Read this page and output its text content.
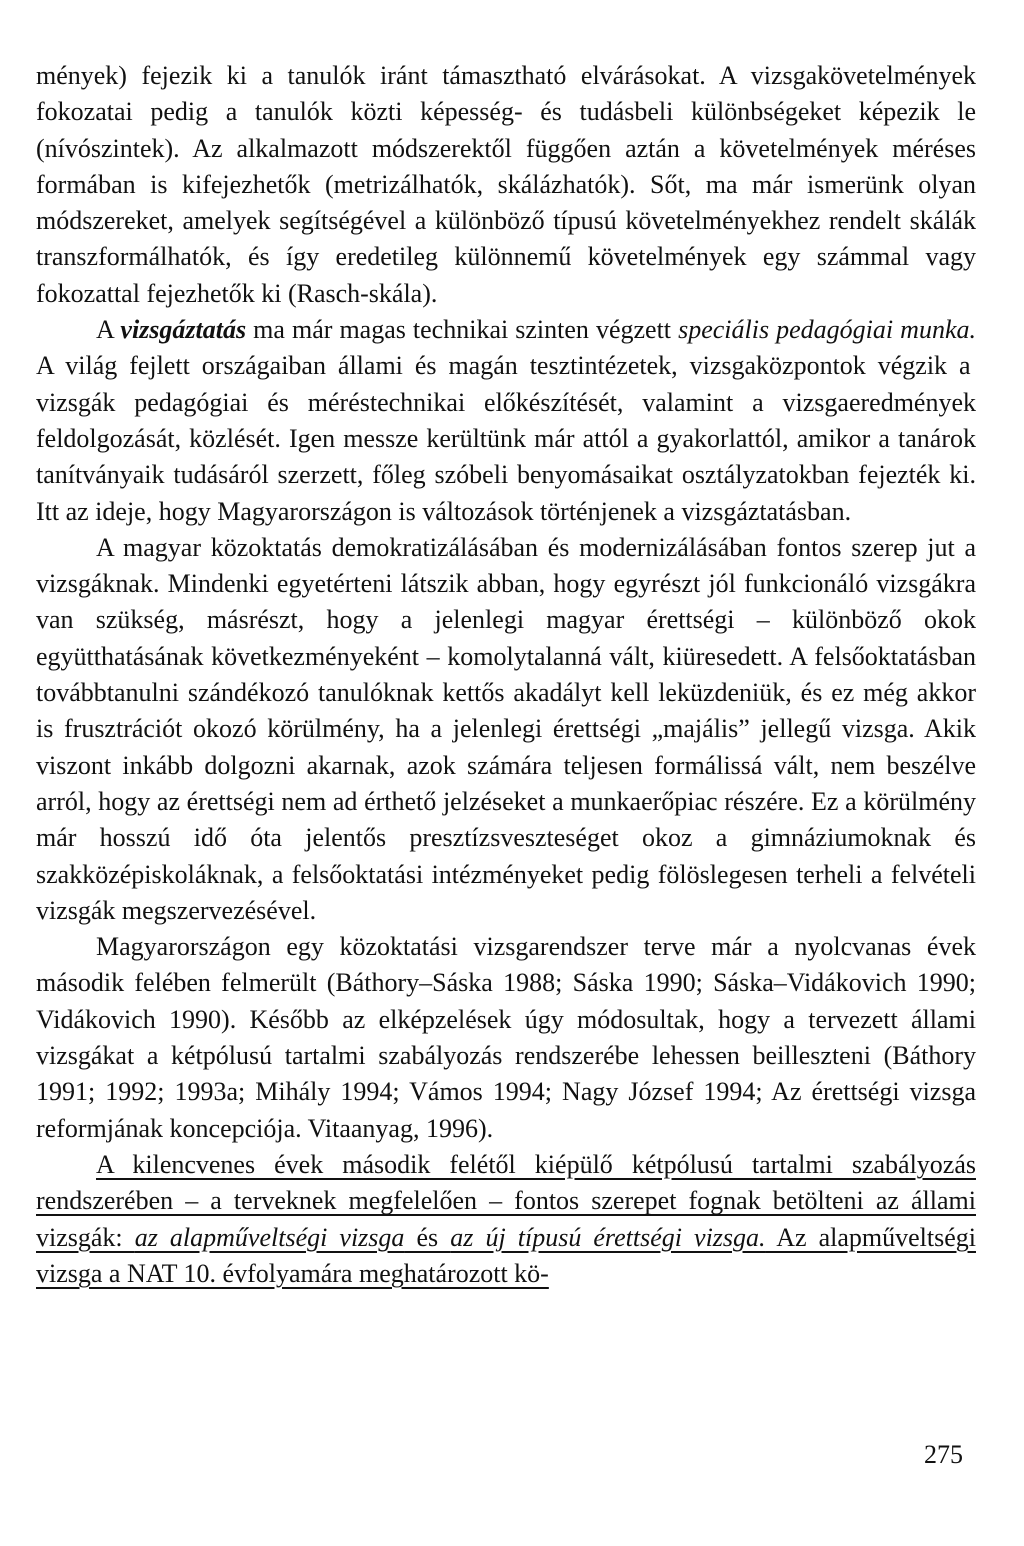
mények) fejezik ki a tanulók iránt támasztható elvárásokat. A vizsgakövetelmények fokozatai pedig a tanulók közti képesség- és tudásbeli különbségeket képezik le (nívószintek). Az alkalmazott módszerektől függően aztán a követelmények méréses formában is kifejezhetők (metrizálhatók, skálázhatók). Sőt, ma már ismerünk olyan módszereket, amelyek segítségével a különböző típusú követelményekhez rendelt skálák transzformálhatók, és így eredetileg különnemű követelmények egy számmal vagy fokozattal fejezhetők ki (Rasch-skála).

A vizsgáztatás ma már magas technikai szinten végzett speciális pedagógiai munka. A világ fejlett országaiban állami és magán tesztintézetek, vizsgaközpontok végzik a vizsgák pedagógiai és méréstechnikai előkészítését, valamint a vizsgaeredmények feldolgozását, közlését. Igen messze kerültünk már attól a gyakorlattól, amikor a tanárok tanítványaik tudásáról szerzett, főleg szóbeli benyomásaikat osztályzatokban fejezték ki. Itt az ideje, hogy Magyarországon is változások történjenek a vizsgáztatásban.

A magyar közoktatás demokratizálásában és modernizálásában fontos szerep jut a vizsgáknak. Mindenki egyetérteni látszik abban, hogy egyrészt jól funkcionáló vizsgákra van szükség, másrészt, hogy a jelenlegi magyar érettségi – különböző okok együtthatásának következményeként – komolytalanná vált, kiüresedett. A felsőoktatásban továbbtanulni szándékozó tanulóknak kettős akadályt kell leküzdeniük, és ez még akkor is frusztrációt okozó körülmény, ha a jelenlegi érettségi „majális” jellegű vizsga. Akik viszont inkább dolgozni akarnak, azok számára teljesen formálissá vált, nem beszélve arról, hogy az érettségi nem ad érthető jelzéseket a munkaerőpiac részére. Ez a körülmény már hosszú idő óta jelentős presztízsveszteséget okoz a gimnáziumoknak és szakközépiskoláknak, a felsőoktatási intézményeket pedig fölöslegesen terheli a felvételi vizsgák megszervezésével.

Magyarországon egy közoktatási vizsgarendszer terve már a nyolcvanas évek második felében felmerült (Báthory–Sáska 1988; Sáska 1990; Sáska–Vidákovich 1990; Vidákovich 1990). Később az elképzelések úgy módosultak, hogy a tervezett állami vizsgákat a kétpólusú tartalmi szabályozás rendszerébe lehessen beilleszteni (Báthory 1991; 1992; 1993a; Mihály 1994; Vámos 1994; Nagy József 1994; Az érettségi vizsga reformjának koncepciója. Vitaanyag, 1996).

A kilencvenes évek második felétől kiépülő kétpólusú tartalmi szabályozás rendszerében – a terveknek megfelelően – fontos szerepet fognak betölteni az állami vizsgák: az alapműveltségi vizsga és az új típusú érettségi vizsga. Az alapműveltségi vizsga a NAT 10. évfolyamára meghatározott kö-

275
